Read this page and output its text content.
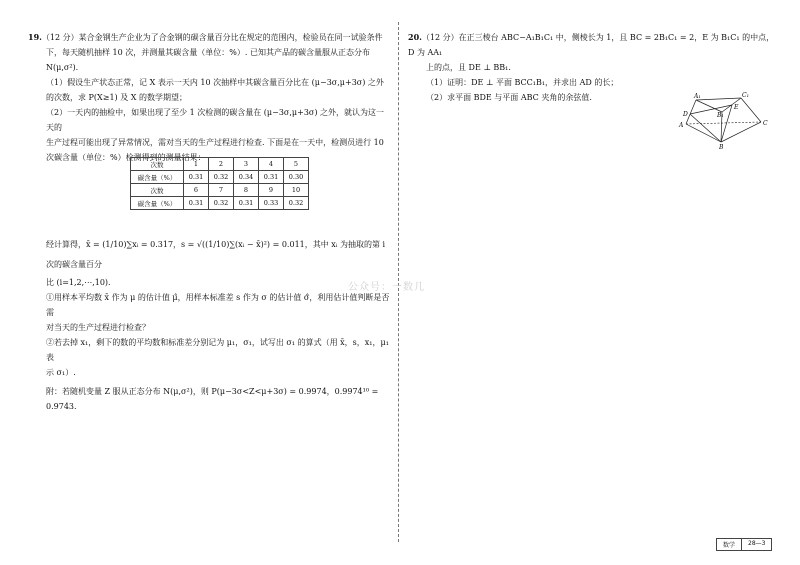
19.（12 分）某合金钢生产企业为了合金钢的碳含量百分比在规定的范围内，检验员在同一试验条件

下，每天随机抽样 10 次，并测量其碳含量（单位：%）. 已知其产品的碳含量服从正态分布

N(μ,σ²).

（1）假设生产状态正常，记 X 表示一天内 10 次抽样中其碳含量百分比在 (μ−3σ,μ+3σ) 之外的次数，求 P(X≥1) 及 X 的数学期望；

（2）一天内的抽检中，如果出现了至少 1 次检测的碳含量在 (μ−3σ,μ+3σ) 之外，就认为这一天的

生产过程可能出现了异常情况，需对当天的生产过程进行检查. 下面是在一天中，检测员进行 10

次碳含量（单位：%）检测得到的测量结果：

经计算得，x̄ = (1/10)∑xᵢ = 0.317，s = √((1/10)∑(xᵢ − x̄)²) = 0.011，其中 xᵢ 为抽取的第 i 次的碳含量百分

比 (i=1,2,⋯,10).

①用样本平均数 x̄ 作为 μ 的估计值 μ̂，用样本标准差 s 作为 σ 的估计值 σ̂，利用估计值判断是否需

对当天的生产过程进行检查？

②若去掉 x₁，剩下的数的平均数和标准差分别记为 μ₁，σ₁，试写出 σ₁ 的算式（用 x̄，s，x₁，μ₁ 表

示 σ₁）.

附：若随机变量 Z 服从正态分布 N(μ,σ²)，则 P(μ−3σ<Z<μ+3σ) = 0.9974，0.9974¹⁰ = 0.9743.

次数	1	2	3	4	5
碳含量（%）	0.31	0.32	0.34	0.31	0.30
次数	6	7	8	9	10
碳含量（%）	0.31	0.32	0.31	0.33	0.32

20.（12 分）在正三棱台 ABC−A₁B₁C₁ 中，侧棱长为 1，且 BC = 2B₁C₁ = 2，E 为 B₁C₁ 的中点，D 为 AA₁

上的点，且 DE ⊥ BB₁.

（1）证明：DE ⊥ 平面 BCC₁B₁，并求出 AD 的长；

（2）求平面 BDE 与平面 ABC 夹角的余弦值.	A₁	C₁
B₁
D
E
A
B
C
公众号：一数几
数学	28—3
